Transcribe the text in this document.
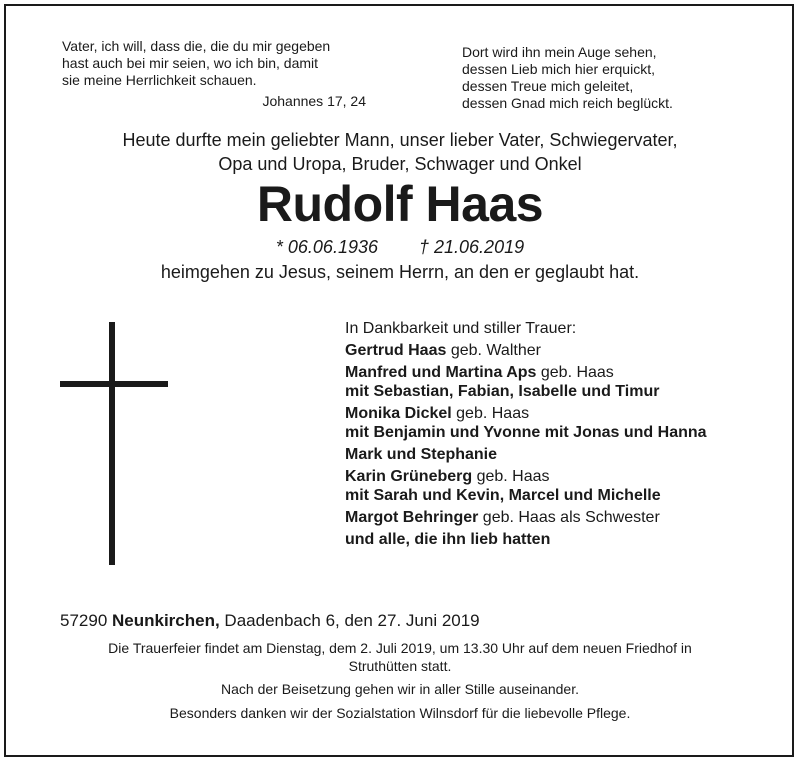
Vater, ich will, dass die, die du mir gegeben
hast auch bei mir seien, wo ich bin, damit
sie meine Herrlichkeit schauen.
Johannes 17, 24
Dort wird ihn mein Auge sehen,
dessen Lieb mich hier erquickt,
dessen Treue mich geleitet,
dessen Gnad mich reich beglückt.
Heute durfte mein geliebter Mann, unser lieber Vater, Schwiegervater,
Opa und Uropa, Bruder, Schwager und Onkel
Rudolf Haas
* 06.06.1936 † 21.06.2019
heimgehen zu Jesus, seinem Herrn, an den er geglaubt hat.
In Dankbarkeit und stiller Trauer:
Gertrud Haas geb. Walther
Manfred und Martina Aps geb. Haas
mit Sebastian, Fabian, Isabelle und Timur
Monika Dickel geb. Haas
mit Benjamin und Yvonne mit Jonas und Hanna
Mark und Stephanie
Karin Grüneberg geb. Haas
mit Sarah und Kevin, Marcel und Michelle
Margot Behringer geb. Haas als Schwester
und alle, die ihn lieb hatten
57290 Neunkirchen, Daadenbach 6, den 27. Juni 2019
Die Trauerfeier findet am Dienstag, dem 2. Juli 2019, um 13.30 Uhr auf dem neuen Friedhof in
Struthütten statt.
Nach der Beisetzung gehen wir in aller Stille auseinander.
Besonders danken wir der Sozialstation Wilnsdorf für die liebevolle Pflege.
